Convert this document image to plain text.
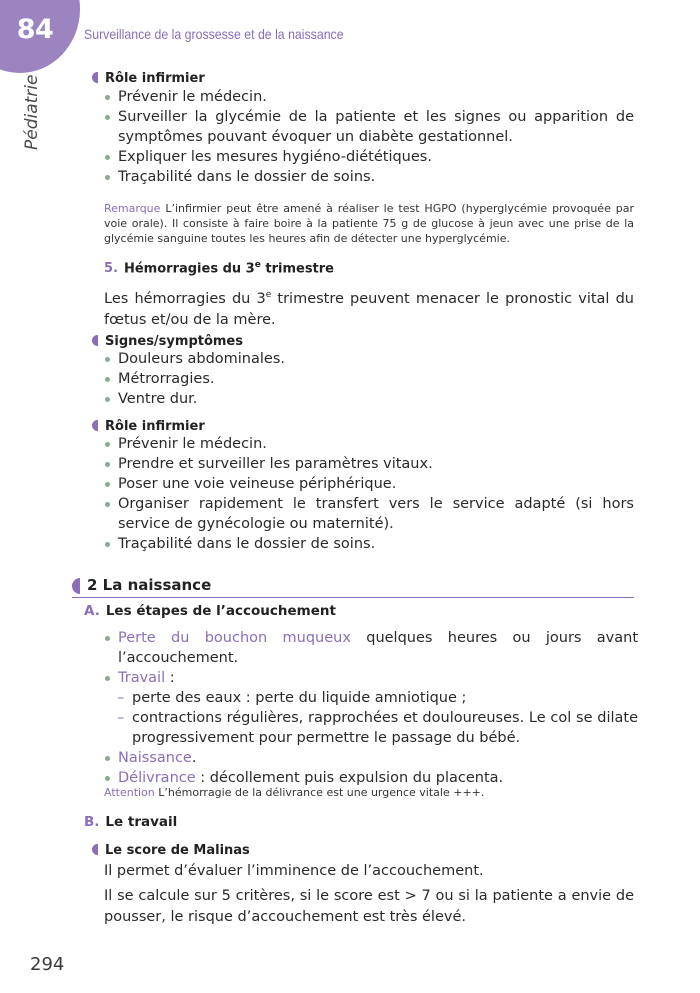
84	Surveillance de la grossesse et de la naissance
Pédiatrie	Rôle infirmier
Prévenir le médecin.
Surveiller la glycémie de la patiente et les signes ou apparition de symptômes pouvant évoquer un diabète gestationnel.
Expliquer les mesures hygiéno-diététiques.
Traçabilité dans le dossier de soins.
Remarque L’infirmier peut être amené à réaliser le test HGPO (hyperglycémie provoquée par voie orale). Il consiste à faire boire à la patiente 75 g de glucose à jeun avec une prise de la glycémie sanguine toutes les heures afin de détecter une hyperglycémie.
5. Hémorragies du 3e trimestre
Les hémorragies du 3e trimestre peuvent menacer le pronostic vital du fœtus et/ou de la mère.
Signes/symptômes
Douleurs abdominales.
Métrorragies.
Ventre dur.
Rôle infirmier
Prévenir le médecin.
Prendre et surveiller les paramètres vitaux.
Poser une voie veineuse périphérique.
Organiser rapidement le transfert vers le service adapté (si hors service de gynécologie ou maternité).
Traçabilité dans le dossier de soins.
2 La naissance
A. Les étapes de l’accouchement
Perte du bouchon muqueux quelques heures ou jours avant l’accouchement.
Travail :
– perte des eaux : perte du liquide amniotique ;
– contractions régulières, rapprochées et douloureuses. Le col se dilate progressivement pour permettre le passage du bébé.
Naissance.
Délivrance : décollement puis expulsion du placenta.
Attention L’hémorragie de la délivrance est une urgence vitale +++.
B. Le travail
Le score de Malinas
Il permet d’évaluer l’imminence de l’accouchement.
Il se calcule sur 5 critères, si le score est > 7 ou si la patiente a envie de pousser, le risque d’accouchement est très élevé.
294
